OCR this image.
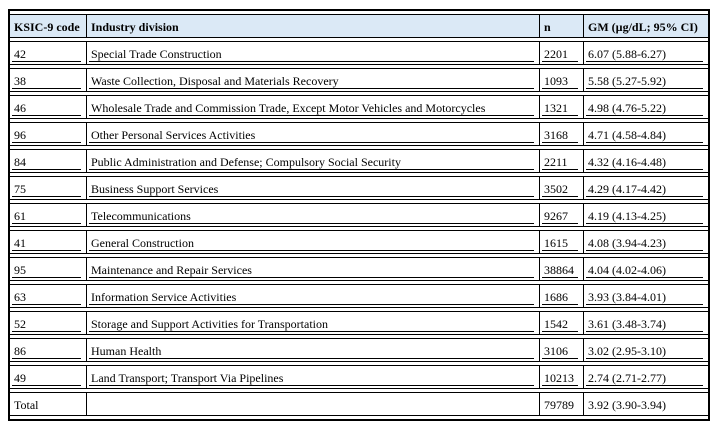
KSIC-9 code	Industry division	n	GM (µg/dL; 95% CI)
42	Special Trade Construction	2201	6.07 (5.88-6.27)
38	Waste Collection, Disposal and Materials Recovery	1093	5.58 (5.27-5.92)
46	Wholesale Trade and Commission Trade, Except Motor Vehicles and Motorcycles	1321	4.98 (4.76-5.22)
96	Other Personal Services Activities	3168	4.71 (4.58-4.84)
84	Public Administration and Defense; Compulsory Social Security	2211	4.32 (4.16-4.48)
75	Business Support Services	3502	4.29 (4.17-4.42)
61	Telecommunications	9267	4.19 (4.13-4.25)
41	General Construction	1615	4.08 (3.94-4.23)
95	Maintenance and Repair Services	38864	4.04 (4.02-4.06)
63	Information Service Activities	1686	3.93 (3.84-4.01)
52	Storage and Support Activities for Transportation	1542	3.61 (3.48-3.74)
86	Human Health	3106	3.02 (2.95-3.10)
49	Land Transport; Transport Via Pipelines	10213	2.74 (2.71-2.77)
Total		79789	3.92 (3.90-3.94)
